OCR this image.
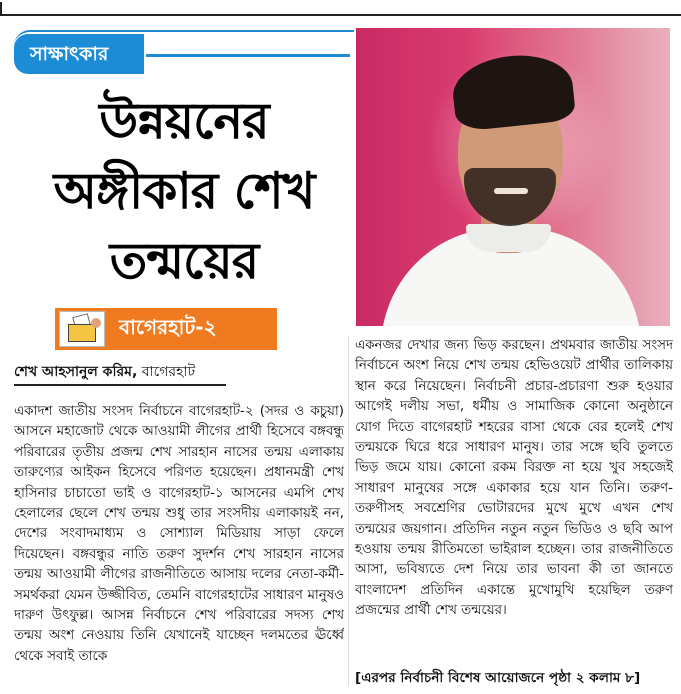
সাক্ষাৎকার
উন্নয়নের
অঙ্গীকার শেখ
তন্ময়ের
বাগেরহাট-২
শেখ আহসানুল করিম, বাগেরহাট

একাদশ জাতীয় সংসদ নির্বাচনে বাগেরহাট-২ (সদর ও কচুয়া) আসনে মহাজোট থেকে আওয়ামী লীগের প্রার্থী হিসেবে বঙ্গবন্ধু পরিবারের তৃতীয় প্রজন্ম শেখ সারহান নাসের তন্ময় এলাকায় তারুণ্যের আইকন হিসেবে পরিণত হয়েছেন। প্রধানমন্ত্রী শেখ হাসিনার চাচাতো ভাই ও বাগেরহাট-১ আসনের এমপি শেখ হেলালের ছেলে শেখ তন্ময় শুধু তার সংসদীয় এলাকায়ই নন, দেশের সংবাদমাধ্যম ও সোশ্যাল মিডিয়ায় সাড়া ফেলে দিয়েছেন। বঙ্গবন্ধুর নাতি তরুণ সুদর্শন শেখ সারহান নাসের তন্ময় আওয়ামী লীগের রাজনীতিতে আসায় দলের নেতা-কর্মী-সমর্থকরা যেমন উজ্জীবিত, তেমনি বাগেরহাটের সাধারণ মানুষও দারুণ উৎফুল্ল। আসন্ন নির্বাচনে শেখ পরিবারের সদস্য শেখ তন্ময় অংশ নেওয়ায় তিনি যেখানেই যাচ্ছেন দলমতের ঊর্ধ্বে থেকে সবাই তাকে

একনজর দেখার জন্য ভিড় করছেন। প্রথমবার জাতীয় সংসদ নির্বাচনে অংশ নিয়ে শেখ তন্ময় হেভিওয়েট প্রার্থীর তালিকায় স্থান করে নিয়েছেন। নির্বাচনী প্রচার-প্রচারণা শুরু হওয়ার আগেই দলীয় সভা, ধর্মীয় ও সামাজিক কোনো অনুষ্ঠানে যোগ দিতে বাগেরহাট শহরের বাসা থেকে বের হলেই শেখ তন্ময়কে ঘিরে ধরে সাধারণ মানুষ। তার সঙ্গে ছবি তুলতে ভিড় জমে যায়। কোনো রকম বিরক্ত না হয়ে খুব সহজেই সাধারণ মানুষের সঙ্গে একাকার হয়ে যান তিনি। তরুণ-তরুণীসহ সবশ্রেণির ভোটারদের মুখে মুখে এখন শেখ তন্ময়ের জয়গান। প্রতিদিন নতুন নতুন ভিডিও ও ছবি আপ হওয়ায় তন্ময় রীতিমতো ভাইরাল হচ্ছেন। তার রাজনীতিতে আসা, ভবিষ্যতে দেশ নিয়ে তার ভাবনা কী তা জানতে বাংলাদেশ প্রতিদিন একান্তে মুখোমুখি হয়েছিল তরুণ প্রজন্মের প্রার্থী শেখ তন্ময়ের।

[এরপর নির্বাচনী বিশেষ আয়োজনে পৃষ্ঠা ২ কলাম ৮]
